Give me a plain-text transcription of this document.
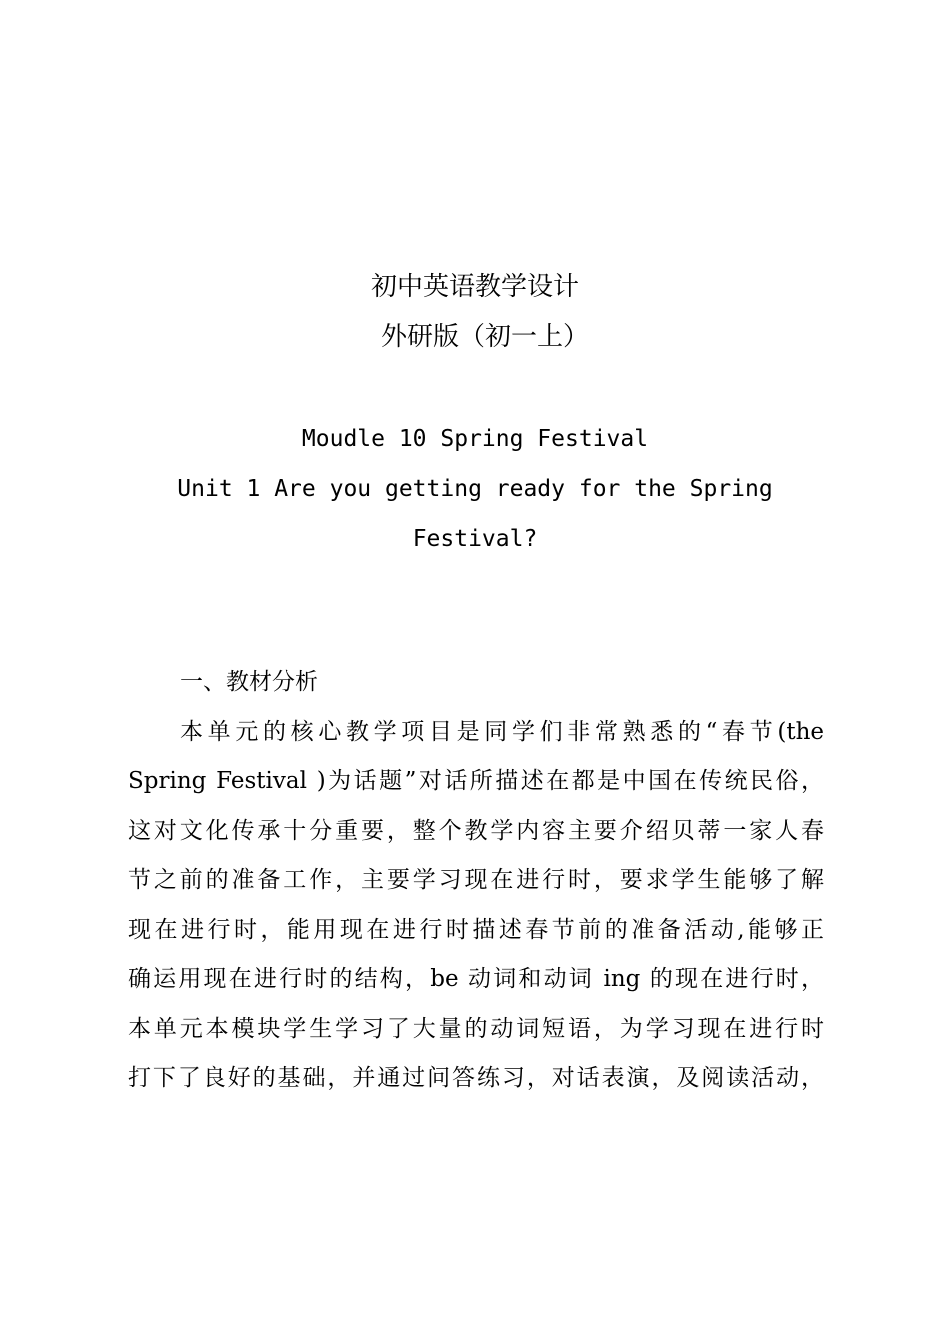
初中英语教学设计
外研版（初一上）
Moudle 10 Spring Festival
Unit 1 Are you getting ready for the Spring
Festival?
一、教材分析
本单元的核心教学项目是同学们非常熟悉的“春节(the
Spring Festival )为话题”对话所描述在都是中国在传统民俗，
这对文化传承十分重要，整个教学内容主要介绍贝蒂一家人春
节之前的准备工作，主要学习现在进行时，要求学生能够了解
现在进行时，能用现在进行时描述春节前的准备活动,能够正
确运用现在进行时的结构，be 动词和动词 ing 的现在进行时，
本单元本模块学生学习了大量的动词短语，为学习现在进行时
打下了良好的基础，并通过问答练习，对话表演，及阅读活动，
